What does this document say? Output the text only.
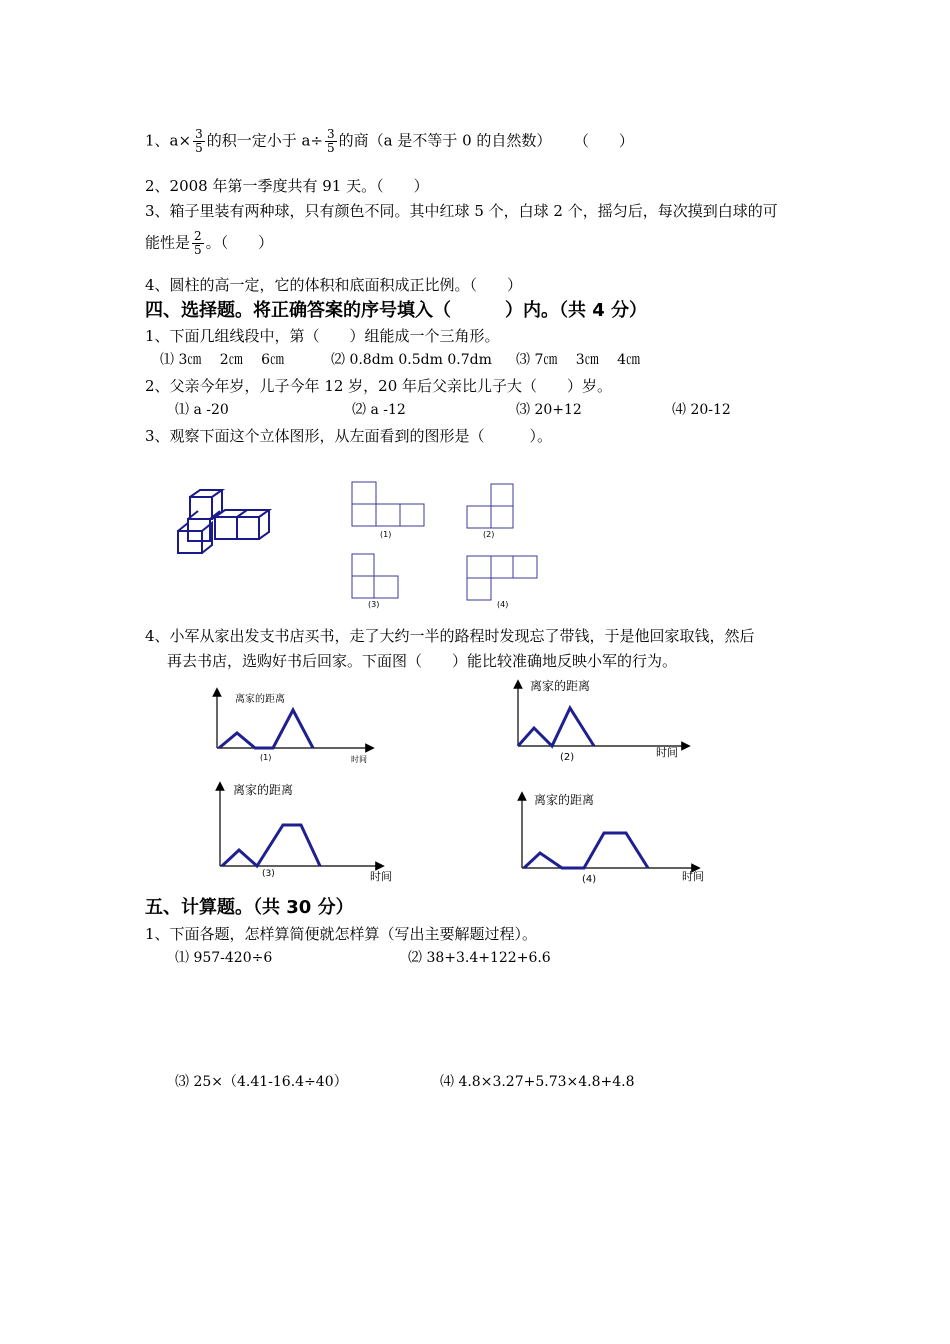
1、$a\times \frac{3}{5}$ 的积一定小于 $a\div \frac{3}{5}$ 的商（a 是不等于 0 的自然数） （　　）
2、2008 年第一季度共有 91 天。（　　）
3、箱子里装有两种球，只有颜色不同。其中红球 5 个，白球 2 个，摇匀后，每次摸到白球的可
能性是 $\frac{2}{5}$ 。（　　）
4、圆柱的高一定，它的体积和底面积成正比例。（　　）
四、选择题。将正确答案的序号填入（　　　）内。（共 4 分）
1、下面几组线段中，第（　　）组能成一个三角形。
⑴ 3㎝　 2㎝　 6㎝	⑵ 0.8dm 0.5dm 0.7dm ⑶ 7㎝　 3㎝　 4㎝
2、父亲今年岁，儿子今年 12 岁，20 年后父亲比儿子大（　　）岁。
⑴ a -20	⑵ a -12	⑶ 20+12	⑷ 20-12
3、观察下面这个立体图形，从左面看到的图形是（　　　）。
(1)	(2)
(3)	(4)
4、小军从家出发支书店买书，走了大约一半的路程时发现忘了带钱，于是他回家取钱，然后
再去书店，选购好书后回家。下面图（　　）能比较准确地反映小军的行为。
离家的距离
时间
(1)
离家的距离
时间
(2)
离家的距离
时间
(3)
离家的距离
时间
(4)
五、计算题。（共 30 分）
1、下面各题，怎样算简便就怎样算（写出主要解题过程）。
⑴ 957-420÷6	⑵ 38+3.4+122+6.6
⑶ 25×（4.41-16.4÷40）	⑷ 4.8×3.27+5.73×4.8+4.8
